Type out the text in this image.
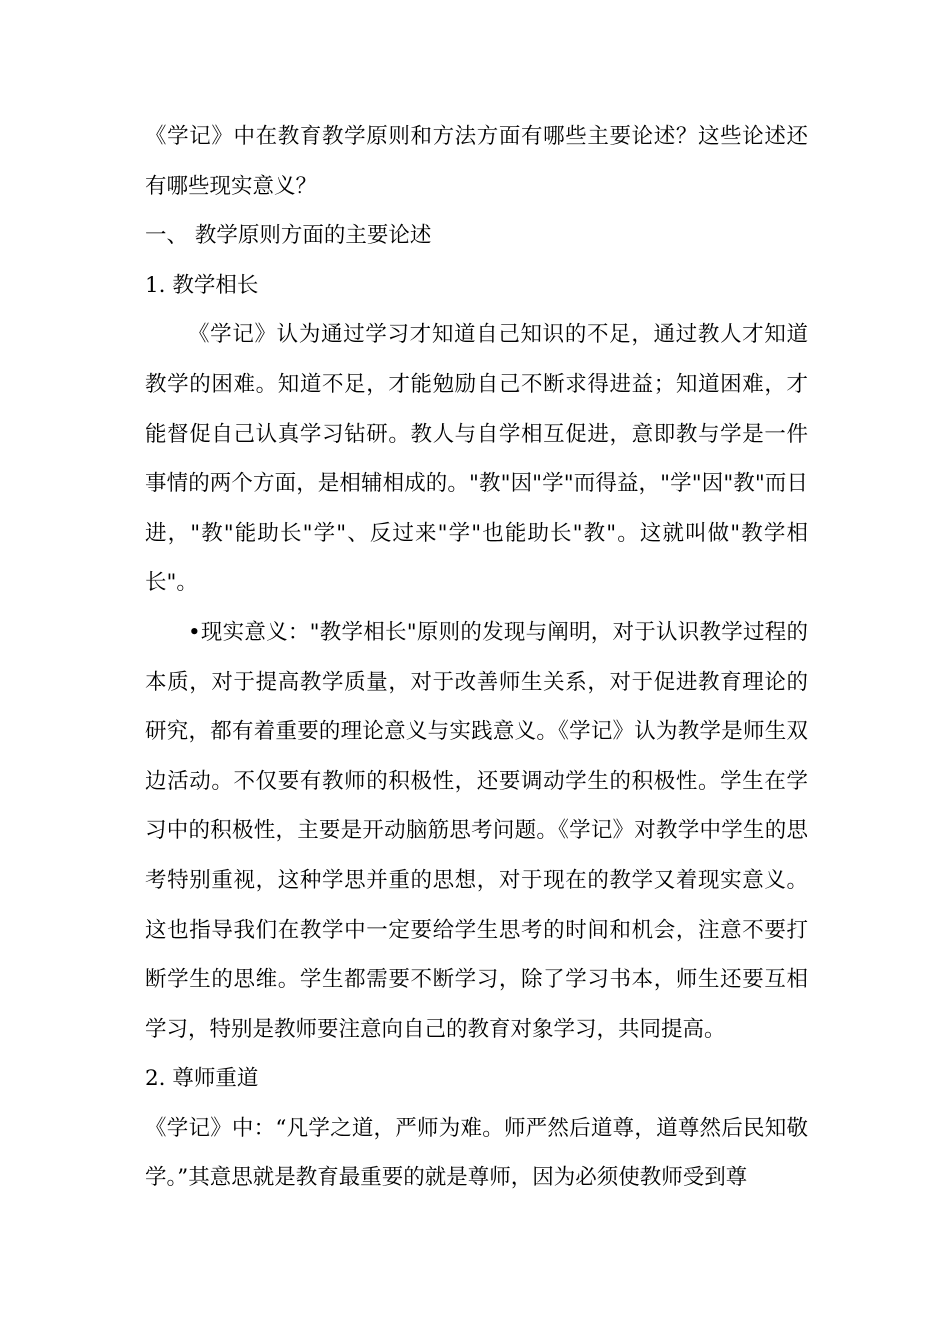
《学记》中在教育教学原则和方法方面有哪些主要论述？这些论述还有哪些现实意义？

一、 教学原则方面的主要论述

1. 教学相长

《学记》认为通过学习才知道自己知识的不足，通过教人才知道教学的困难。知道不足，才能勉励自己不断求得进益；知道困难，才能督促自己认真学习钻研。教人与自学相互促进，意即教与学是一件事情的两个方面，是相辅相成的。"教"因"学"而得益，"学"因"教"而日进，"教"能助长"学"、反过来"学"也能助长"教"。这就叫做"教学相长"。

•现实意义："教学相长"原则的发现与阐明，对于认识教学过程的本质，对于提高教学质量，对于改善师生关系，对于促进教育理论的研究，都有着重要的理论意义与实践意义。《学记》认为教学是师生双边活动。不仅要有教师的积极性，还要调动学生的积极性。学生在学习中的积极性，主要是开动脑筋思考问题。《学记》对教学中学生的思考特别重视，这种学思并重的思想，对于现在的教学又着现实意义。这也指导我们在教学中一定要给学生思考的时间和机会，注意不要打断学生的思维。学生都需要不断学习，除了学习书本，师生还要互相学习，特别是教师要注意向自己的教育对象学习，共同提高。

2. 尊师重道

《学记》中：“凡学之道，严师为难。师严然后道尊，道尊然后民知敬学。”其意思就是教育最重要的就是尊师，因为必须使教师受到尊
